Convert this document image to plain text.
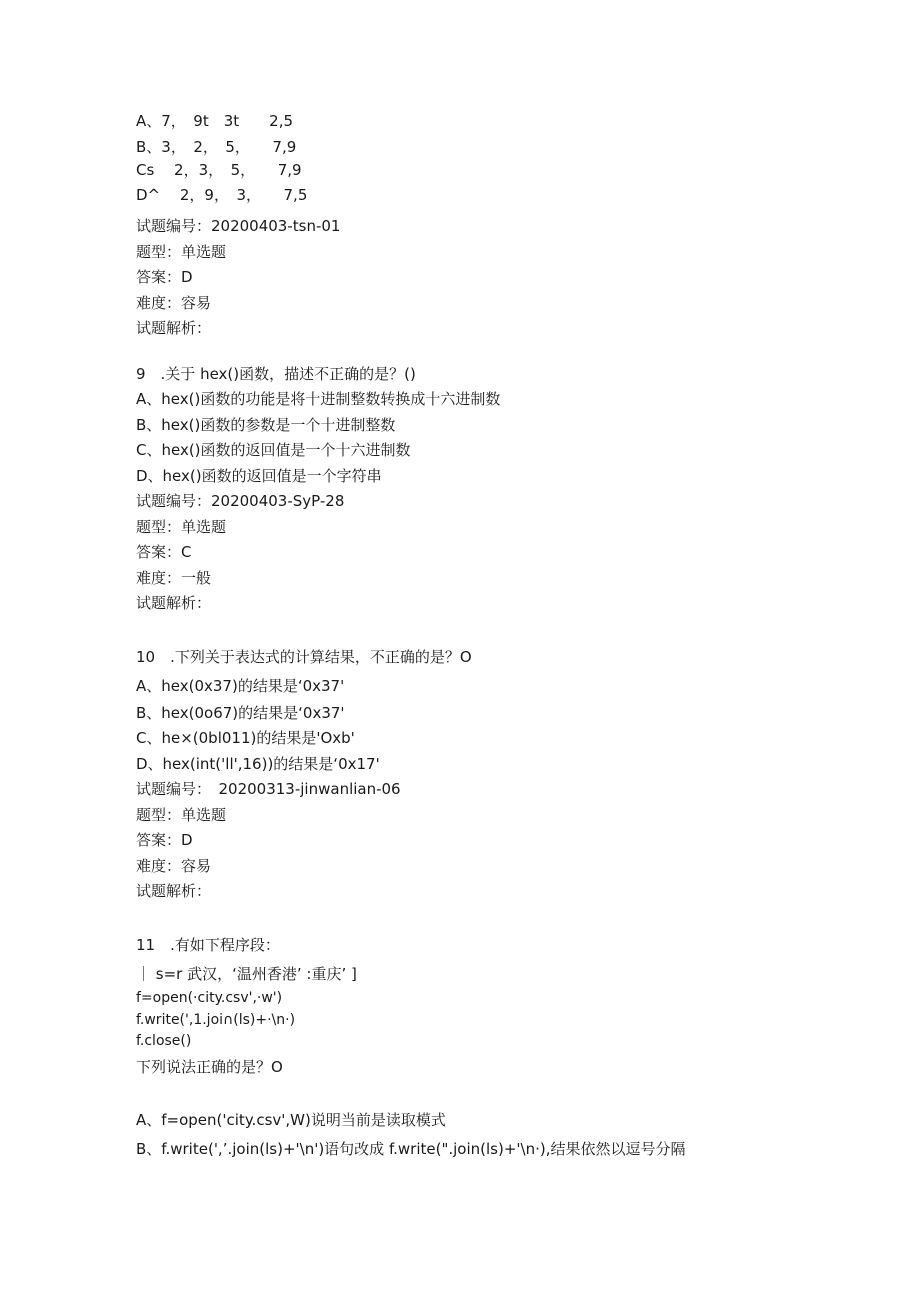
A、7，　9t　3t　　2,5
B、3，　2，　5，　　7,9
Cs　 2，3，　5，　　7,9
D^　 2，9，　3，　　7,5
试题编号：20200403-tsn-01
题型：单选题
答案：D
难度：容易
试题解析：
9　.关于 hex()函数，描述不正确的是？()
A、hex()函数的功能是将十进制整数转换成十六进制数
B、hex()函数的参数是一个十进制整数
C、hex()函数的返回值是一个十六进制数
D、hex()函数的返回值是一个字符串
试题编号：20200403-SyP-28
题型：单选题
答案：C
难度：一般
试题解析：
10　.下列关于表达式的计算结果，不正确的是？O
A、hex(0x37)的结果是‘0x37'
B、hex(0o67)的结果是‘0x37'
C、he×(0bl011)的结果是'Oxb'
D、hex(int('ll',16))的结果是‘0x17'
试题编号：　20200313-jinwanlian-06
题型：单选题
答案：D
难度：容易
试题解析：
11　.有如下程序段：
｜ s=r 武汉，‘温州香港’ :重庆’ ]
f=open(·city.csv',·w')
f.write(',1.joi∩(ls)+·\n·)
f.close()
下列说法正确的是？O
A、f=open('city.csv',W)说明当前是读取模式
B、f.write(',’.join(ls)+'\n')语句改成 f.write(".join(ls)+'\n·),结果依然以逗号分隔
